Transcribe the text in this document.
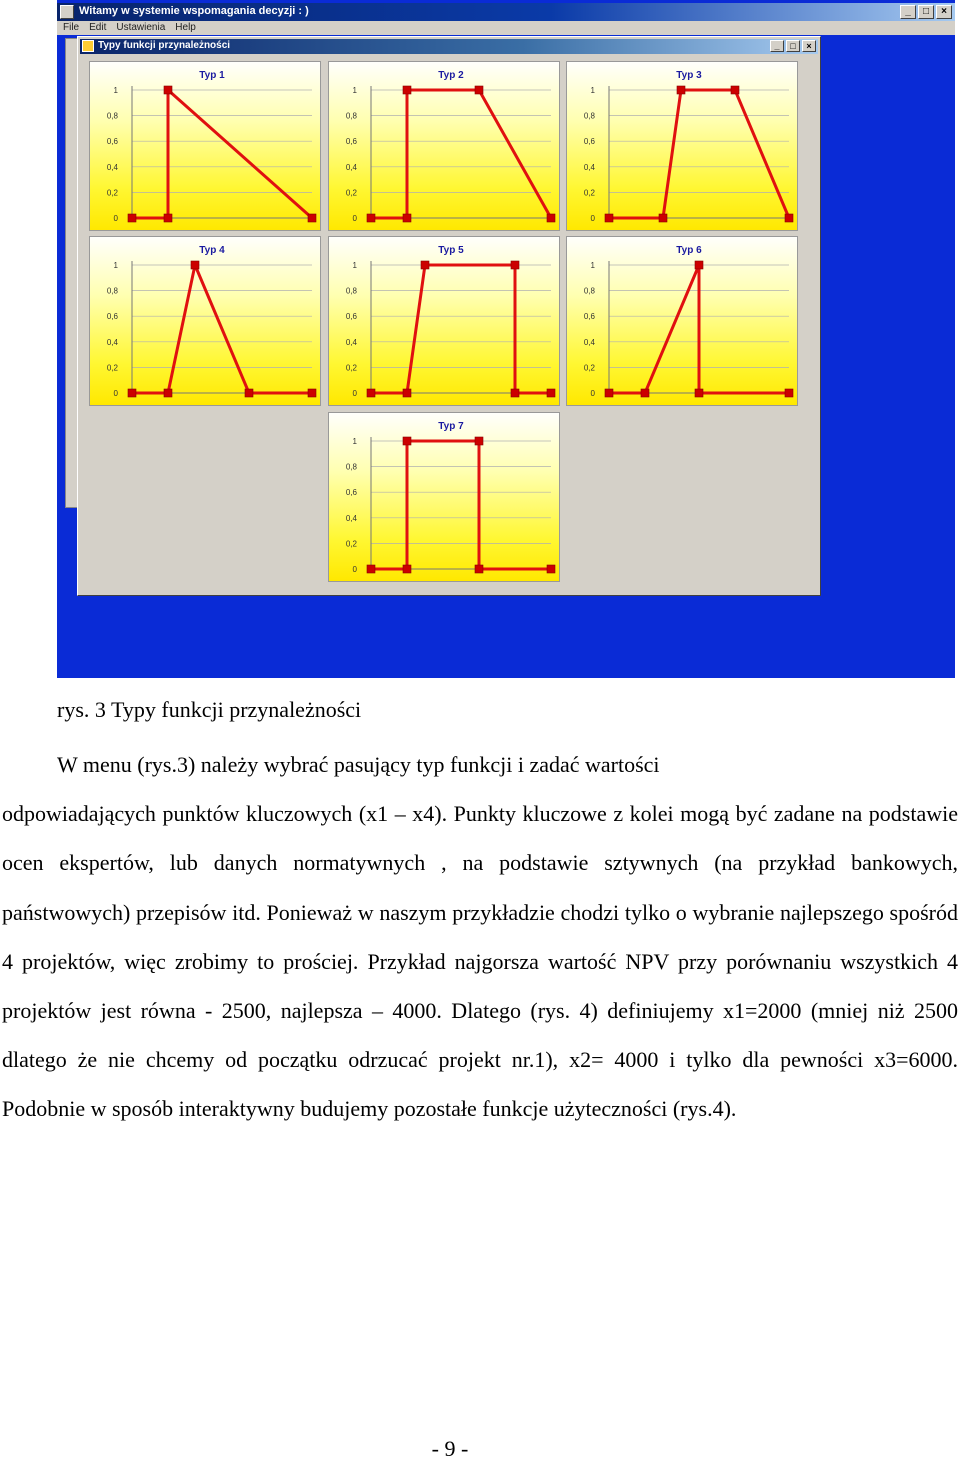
Witamy w systemie wspomagania decyzji : )	_	□	×
File Edit Ustawienia Help
Typy funkcji przynależności	_	□	×
Typ 1
1
0,8
0,6
0,4
0,2
0
Typ 2
1
0,8
0,6
0,4
0,2
0
Typ 3
1
0,8
0,6
0,4
0,2
0
Typ 4
1
0,8
0,6
0,4
0,2
0
Typ 5
1
0,8
0,6
0,4
0,2
0
Typ 6
1
0,8
0,6
0,4
0,2
0
Typ 7
1
0,8
0,6
0,4
0,2
0
rys. 3 Typy funkcji przynależności
W menu (rys.3) należy wybrać pasujący typ funkcji i zadać wartości
odpowiadających punktów kluczowych (x1 – x4). Punkty kluczowe z kolei mogą być zadane na podstawie ocen ekspertów, lub danych normatywnych , na podstawie sztywnych (na przykład bankowych, państwowych) przepisów itd. Ponieważ w naszym przykładzie chodzi tylko o wybranie najlepszego spośród 4 projektów, więc zrobimy to prościej. Przykład najgorsza wartość NPV przy porównaniu wszystkich 4 projektów jest równa - 2500, najlepsza – 4000. Dlatego (rys. 4) definiujemy x1=2000 (mniej niż 2500 dlatego że nie chcemy od początku odrzucać projekt nr.1), x2= 4000 i tylko dla pewności x3=6000. Podobnie w sposób interaktywny budujemy pozostałe funkcje użyteczności (rys.4).
- 9 -
